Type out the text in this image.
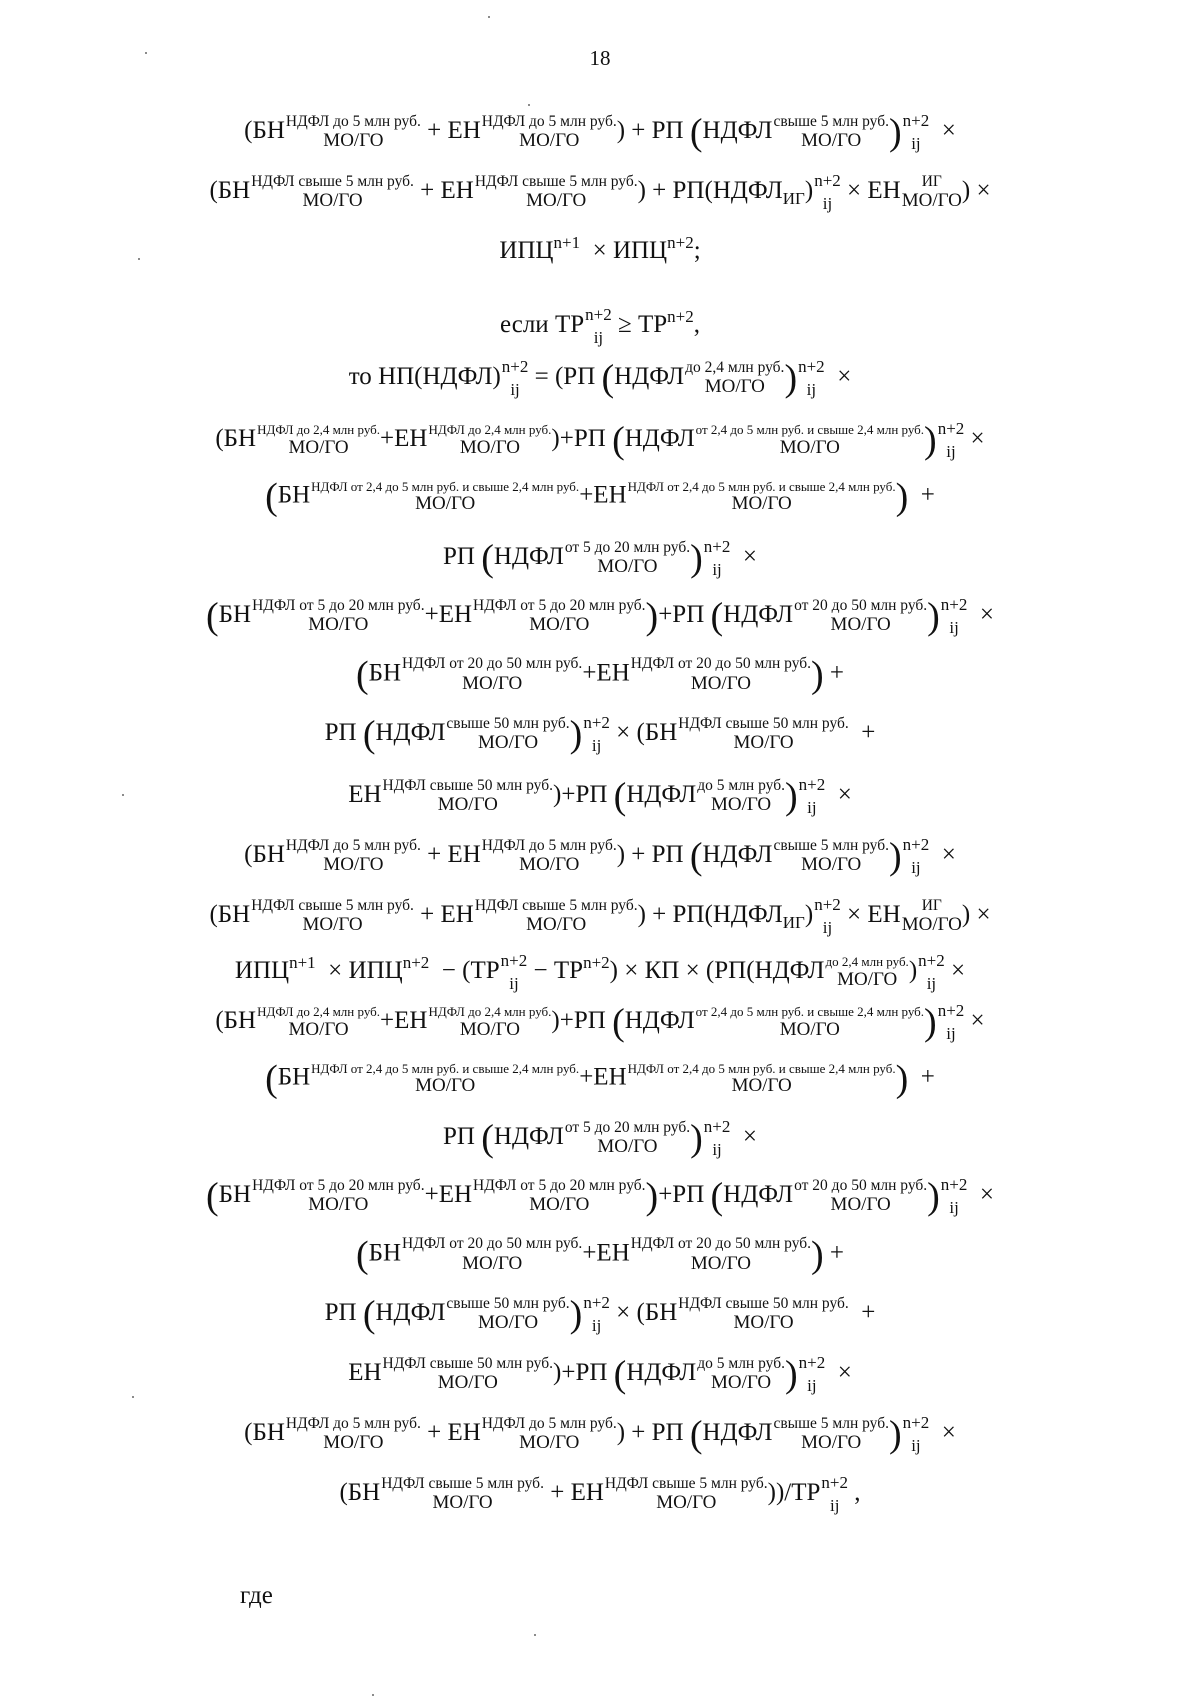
18
(БН НДФЛ до 5 млн руб.
МО/ГО	+ ЕН НДФЛ до 5 млн руб.
МО/ГО	) + РП (НДФЛ свыше 5 млн руб.
МО/ГО ) n+2
ij ×
(БН НДФЛ свыше 5 млн руб.
МО/ГО	+ ЕН НДФЛ свыше 5 млн руб.
МО/ГО	) + $РП(НДФЛ_{ИГ})$ n+2
ij × ЕН	ИГ
МО/ГО ) ×
$ИПЦ^{n+1} \times ИПЦ^{n+2}$;
если ТР n+2
ij ≥ $ТР^{n+2}$,
то НП(НДФЛ) n+2
ij = (РП (НДФЛ до 2,4 млн руб.
МО/ГО ) n+2
ij ×
(БН НДФЛ до 2,4 млн руб.
МО/ГО	+ЕН НДФЛ до 2,4 млн руб.
МО/ГО	)+РП (НДФЛ от 2,4 до 5 млн руб. и свыше 2,4 млн руб.
МО/ГО	) n+2
ij ×
(БН НДФЛ от 2,4 до 5 млн руб. и свыше 2,4 млн руб.
МО/ГО	+ЕН НДФЛ от 2,4 до 5 млн руб. и свыше 2,4 млн руб.
МО/ГО	)  +
РП (НДФЛ от 5 до 20 млн руб.
МО/ГО ) n+2
ij ×
(БН НДФЛ от 5 до 20 млн руб.
МО/ГО	+ЕН НДФЛ от 5 до 20 млн руб.
МО/ГО	)+РП (НДФЛ от 20 до 50 млн руб.
МО/ГО ) n+2
ij ×
(БН НДФЛ от 20 до 50 млн руб.
МО/ГО	+ЕН НДФЛ от 20 до 50 млн руб.
МО/ГО	) +
РП (НДФЛ свыше 50 млн руб.
МО/ГО ) n+2
ij × (БН НДФЛ свыше 50 млн руб.
МО/ГО	+
ЕН НДФЛ свыше 50 млн руб.
МО/ГО	)+РП (НДФЛ до 5 млн руб.
МО/ГО ) n+2
ij ×
(БН НДФЛ до 5 млн руб.
МО/ГО	+ ЕН НДФЛ до 5 млн руб.
МО/ГО	) + РП (НДФЛ свыше 5 млн руб.
МО/ГО ) n+2
ij ×
(БН НДФЛ свыше 5 млн руб.
МО/ГО	+ ЕН НДФЛ свыше 5 млн руб.
МО/ГО	) + $РП(НДФЛ_{ИГ})$ n+2
ij × ЕН	ИГ
МО/ГО ) ×
$ИПЦ^{n+1} \times ИПЦ^{n+2} - (ТР$ n+2
ij − $ТР^{n+2}$) × КП × (РП(НДФЛ до 2,4 млн руб.
МО/ГО ) n+2
ij ×
(БН НДФЛ до 2,4 млн руб.
МО/ГО	+ЕН НДФЛ до 2,4 млн руб.
МО/ГО	)+РП (НДФЛ от 2,4 до 5 млн руб. и свыше 2,4 млн руб.
МО/ГО	) n+2
ij ×
(БН НДФЛ от 2,4 до 5 млн руб. и свыше 2,4 млн руб.
МО/ГО	+ЕН НДФЛ от 2,4 до 5 млн руб. и свыше 2,4 млн руб.
МО/ГО	)  +
РП (НДФЛ от 5 до 20 млн руб.
МО/ГО ) n+2
ij ×
(БН НДФЛ от 5 до 20 млн руб.
МО/ГО	+ЕН НДФЛ от 5 до 20 млн руб.
МО/ГО	)+РП (НДФЛ от 20 до 50 млн руб.
МО/ГО ) n+2
ij ×
(БН НДФЛ от 20 до 50 млн руб.
МО/ГО	+ЕН НДФЛ от 20 до 50 млн руб.
МО/ГО	) +
РП (НДФЛ свыше 50 млн руб.
МО/ГО ) n+2
ij × (БН НДФЛ свыше 50 млн руб.
МО/ГО	+
ЕН НДФЛ свыше 50 млн руб.
МО/ГО	)+РП (НДФЛ до 5 млн руб.
МО/ГО ) n+2
ij ×
(БН НДФЛ до 5 млн руб.
МО/ГО	+ ЕН НДФЛ до 5 млн руб.
МО/ГО	) + РП (НДФЛ свыше 5 млн руб.
МО/ГО ) n+2
ij ×
(БН НДФЛ свыше 5 млн руб.
МО/ГО	+ ЕН НДФЛ свыше 5 млн руб.
МО/ГО	))/ТР n+2
ij ,
где
